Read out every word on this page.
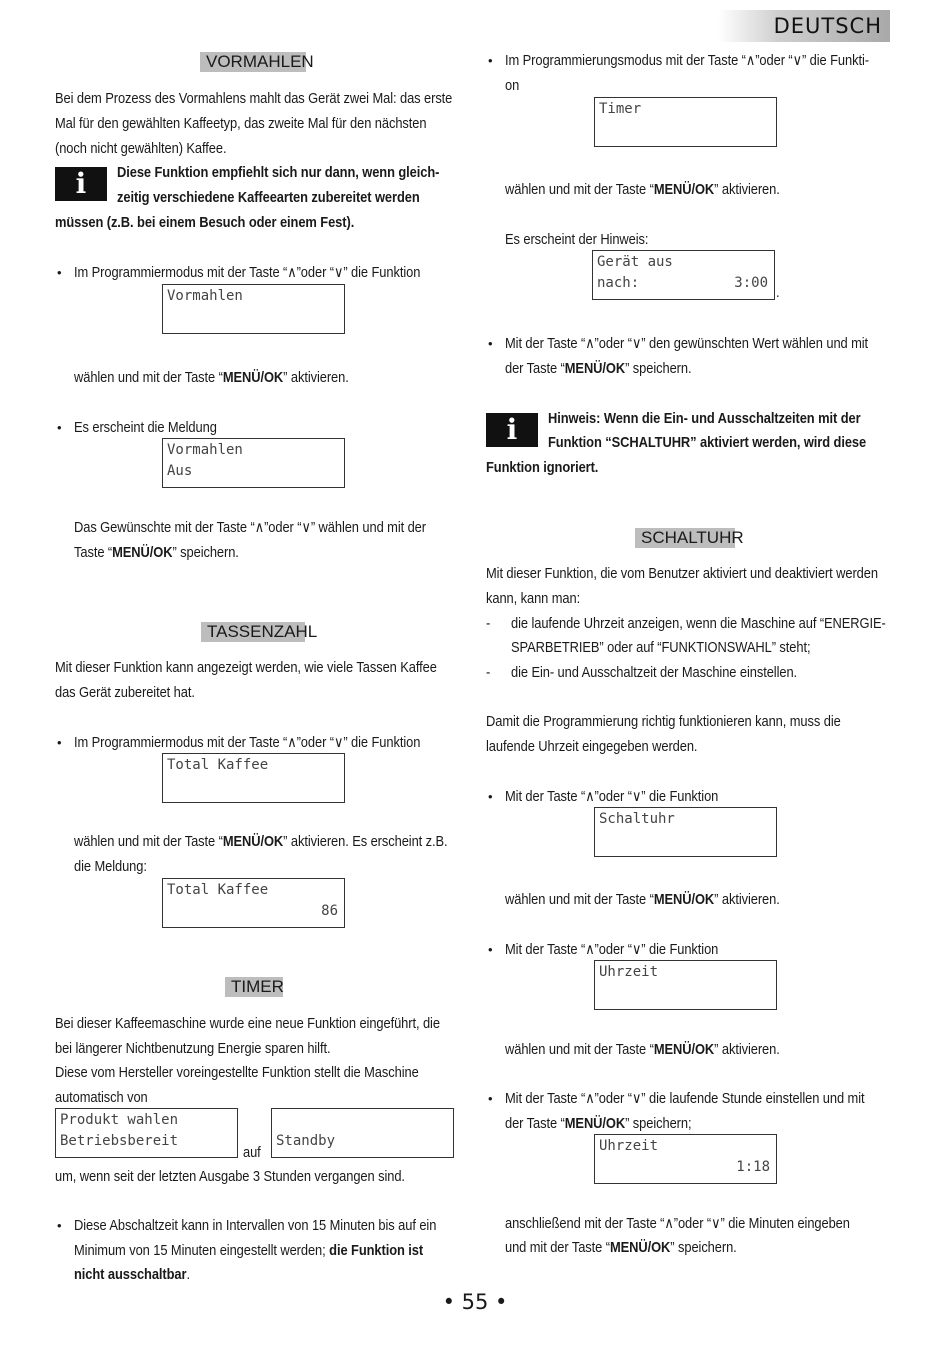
DEUTSCH
VORMAHLEN
Bei dem Prozess des Vormahlens mahlt das Gerät zwei Mal: das erste
Mal für den gewählten Kaffeetyp, das zweite Mal für den nächsten
(noch nicht gewählten) Kaffee.
i	Diese Funktion empfiehlt sich nur dann, wenn gleich-
zeitig verschiedene Kaffeearten zubereitet werden
müssen (z.B. bei einem Besuch oder einem Fest).
• Im Programmiermodus mit der Taste “∧”oder “∨” die Funktion
Vormahlen
wählen und mit der Taste “MENÜ/OK” aktivieren.
• Es erscheint die Meldung
Vormahlen
Aus
Das Gewünschte mit der Taste “∧”oder “∨” wählen und mit der
Taste “MENÜ/OK” speichern.
TASSENZAHL
Mit dieser Funktion kann angezeigt werden, wie viele Tassen Kaffee
das Gerät zubereitet hat.
• Im Programmiermodus mit der Taste “∧”oder “∨” die Funktion
Total Kaffee
wählen und mit der Taste “MENÜ/OK” aktivieren. Es erscheint z.B.
die Meldung:
Total Kaffee
86
TIMER
Bei dieser Kaffeemaschine wurde eine neue Funktion eingeführt, die
bei längerer Nichtbenutzung Energie sparen hilft.
Diese vom Hersteller voreingestellte Funktion stellt die Maschine
automatisch von
Produkt wahlen
Betriebsbereit
auf
Standby
um, wenn seit der letzten Ausgabe 3 Stunden vergangen sind.
• Diese Abschaltzeit kann in Intervallen von 15 Minuten bis auf ein
Minimum von 15 Minuten eingestellt werden; die Funktion ist
nicht ausschaltbar.
• Im Programmierungsmodus mit der Taste “∧”oder “∨” die Funkti-
on
Timer
wählen und mit der Taste “MENÜ/OK” aktivieren.
Es erscheint der Hinweis:
Gerät aus
nach:	3:00
.
• Mit der Taste “∧”oder “∨” den gewünschten Wert wählen und mit
der Taste “MENÜ/OK” speichern.
i	Hinweis: Wenn die Ein- und Ausschaltzeiten mit der
Funktion “SCHALTUHR” aktiviert werden, wird diese
Funktion ignoriert.
SCHALTUHR
Mit dieser Funktion, die vom Benutzer aktiviert und deaktiviert werden
kann, kann man:
- die laufende Uhrzeit anzeigen, wenn die Maschine auf “ENERGIE-
SPARBETRIEB” oder auf “FUNKTIONSWAHL” steht;
- die Ein- und Ausschaltzeit der Maschine einstellen.
Damit die Programmierung richtig funktionieren kann, muss die
laufende Uhrzeit eingegeben werden.
• Mit der Taste “∧”oder “∨” die Funktion
Schaltuhr
wählen und mit der Taste “MENÜ/OK” aktivieren.
• Mit der Taste “∧”oder “∨” die Funktion
Uhrzeit
wählen und mit der Taste “MENÜ/OK” aktivieren.
• Mit der Taste “∧”oder “∨” die laufende Stunde einstellen und mit
der Taste “MENÜ/OK” speichern;
Uhrzeit
1:18
anschließend mit der Taste “∧”oder “∨” die Minuten eingeben
und mit der Taste “MENÜ/OK” speichern.
• 55 •
